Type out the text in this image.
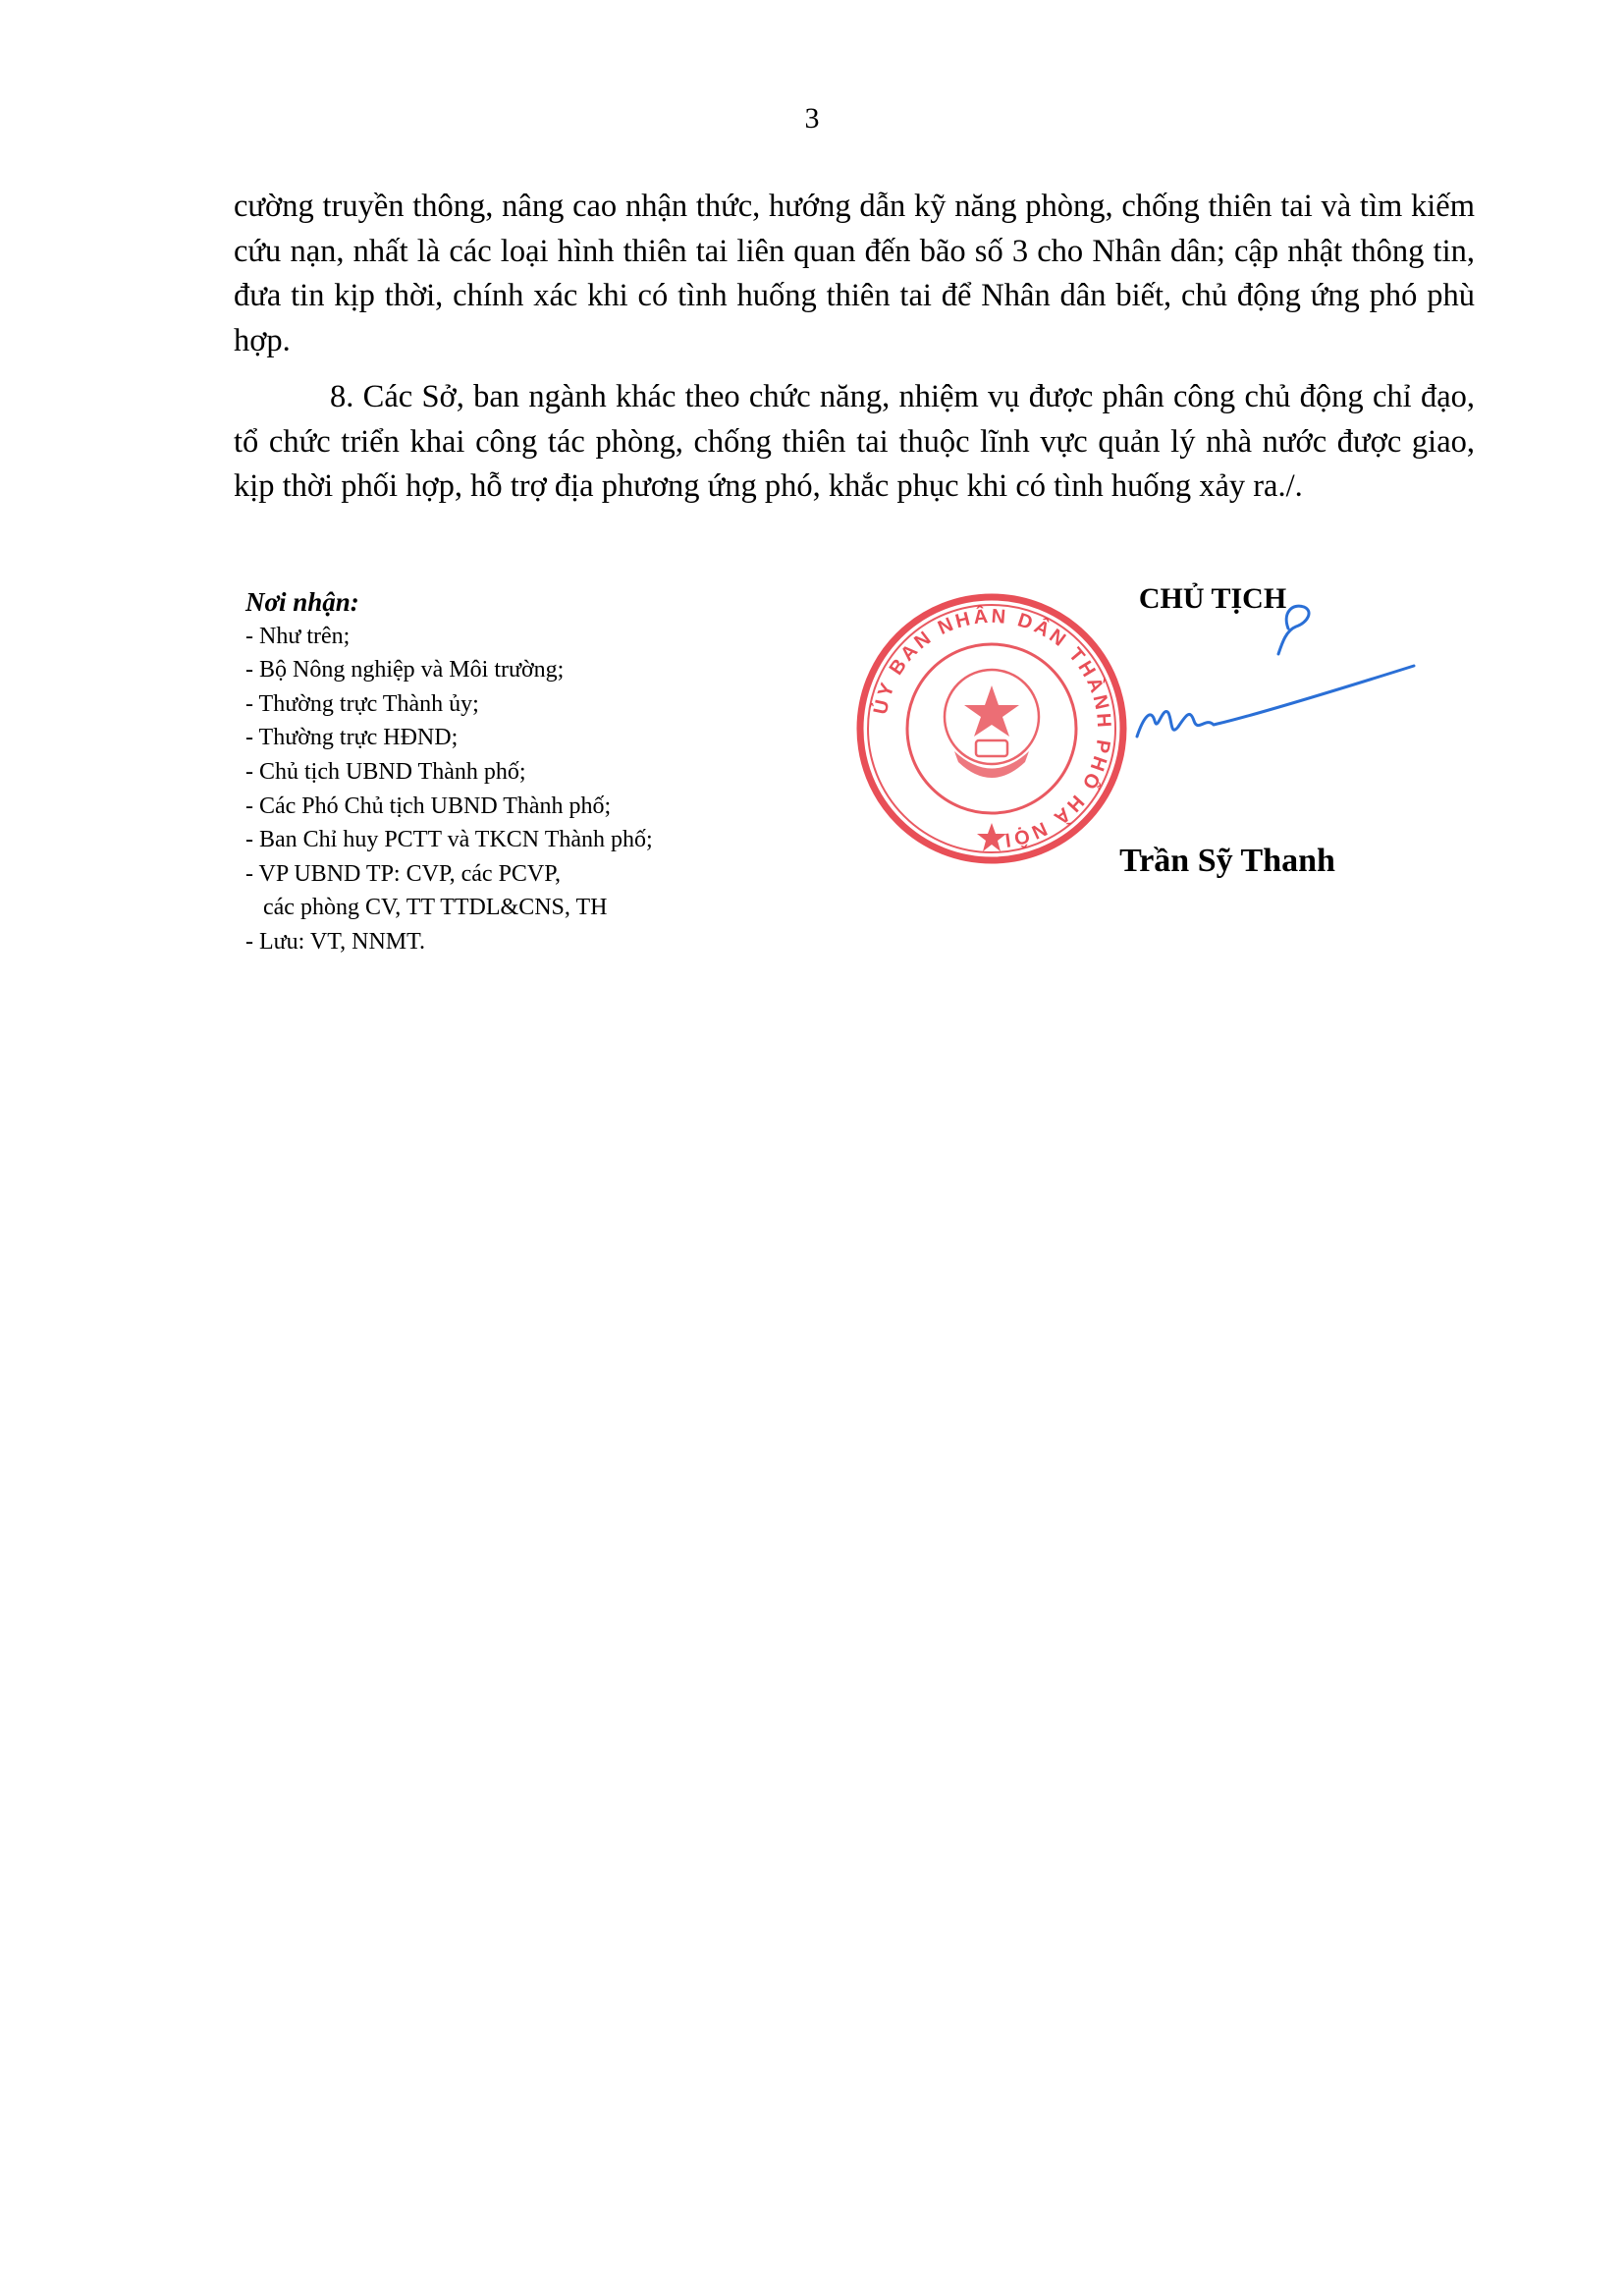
3

cường truyền thông, nâng cao nhận thức, hướng dẫn kỹ năng phòng, chống thiên tai và tìm kiếm cứu nạn, nhất là các loại hình thiên tai liên quan đến bão số 3 cho Nhân dân; cập nhật thông tin, đưa tin kịp thời, chính xác khi có tình huống thiên tai để Nhân dân biết, chủ động ứng phó phù hợp.

8. Các Sở, ban ngành khác theo chức năng, nhiệm vụ được phân công chủ động chỉ đạo, tổ chức triển khai công tác phòng, chống thiên tai thuộc lĩnh vực quản lý nhà nước được giao, kịp thời phối hợp, hỗ trợ địa phương ứng phó, khắc phục khi có tình huống xảy ra./.

Nơi nhận:
- Như trên;
- Bộ Nông nghiệp và Môi trường;
- Thường trực Thành ủy;
- Thường trực HĐND;
- Chủ tịch UBND Thành phố;
- Các Phó Chủ tịch UBND Thành phố;
- Ban Chỉ huy PCTT và TKCN Thành phố;
- VP UBND TP: CVP, các PCVP,
các phòng CV, TT TTDL&CNS, TH
- Lưu: VT, NNMT.
ỦY BAN NHÂN DÂN THÀNH PHỐ HÀ NỘI
CHỦ TỊCH
Trần Sỹ Thanh
